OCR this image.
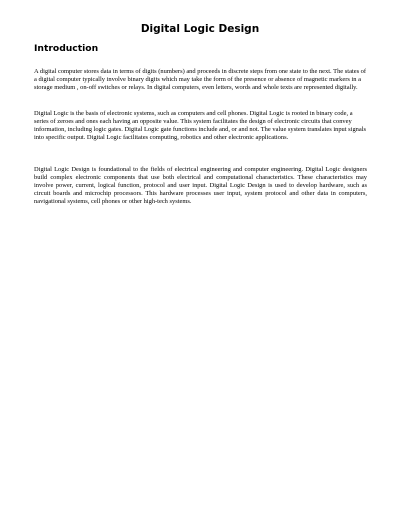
Digital Logic Design
Introduction

A digital computer stores data in terms of digits (numbers) and proceeds in discrete steps from one state to the next. The states of a digital computer typically involve binary digits which may take the form of the presence or absence of magnetic markers in a storage medium , on-off switches or relays. In digital computers, even letters, words and whole texts are represented digitally.

Digital Logic is the basis of electronic systems, such as computers and cell phones. Digital Logic is rooted in binary code, a series of zeroes and ones each having an opposite value. This system facilitates the design of electronic circuits that convey information, including logic gates. Digital Logic gate functions include and, or and not. The value system translates input signals into specific output. Digital Logic facilitates computing, robotics and other electronic applications.

Digital Logic Design is foundational to the fields of electrical engineering and computer engineering. Digital Logic designers build complex electronic components that use both electrical and computational characteristics. These characteristics may involve power, current, logical function, protocol and user input. Digital Logic Design is used to develop hardware, such as circuit boards and microchip processors. This hardware processes user input, system protocol and other data in computers, navigational systems, cell phones or other high-tech systems.
